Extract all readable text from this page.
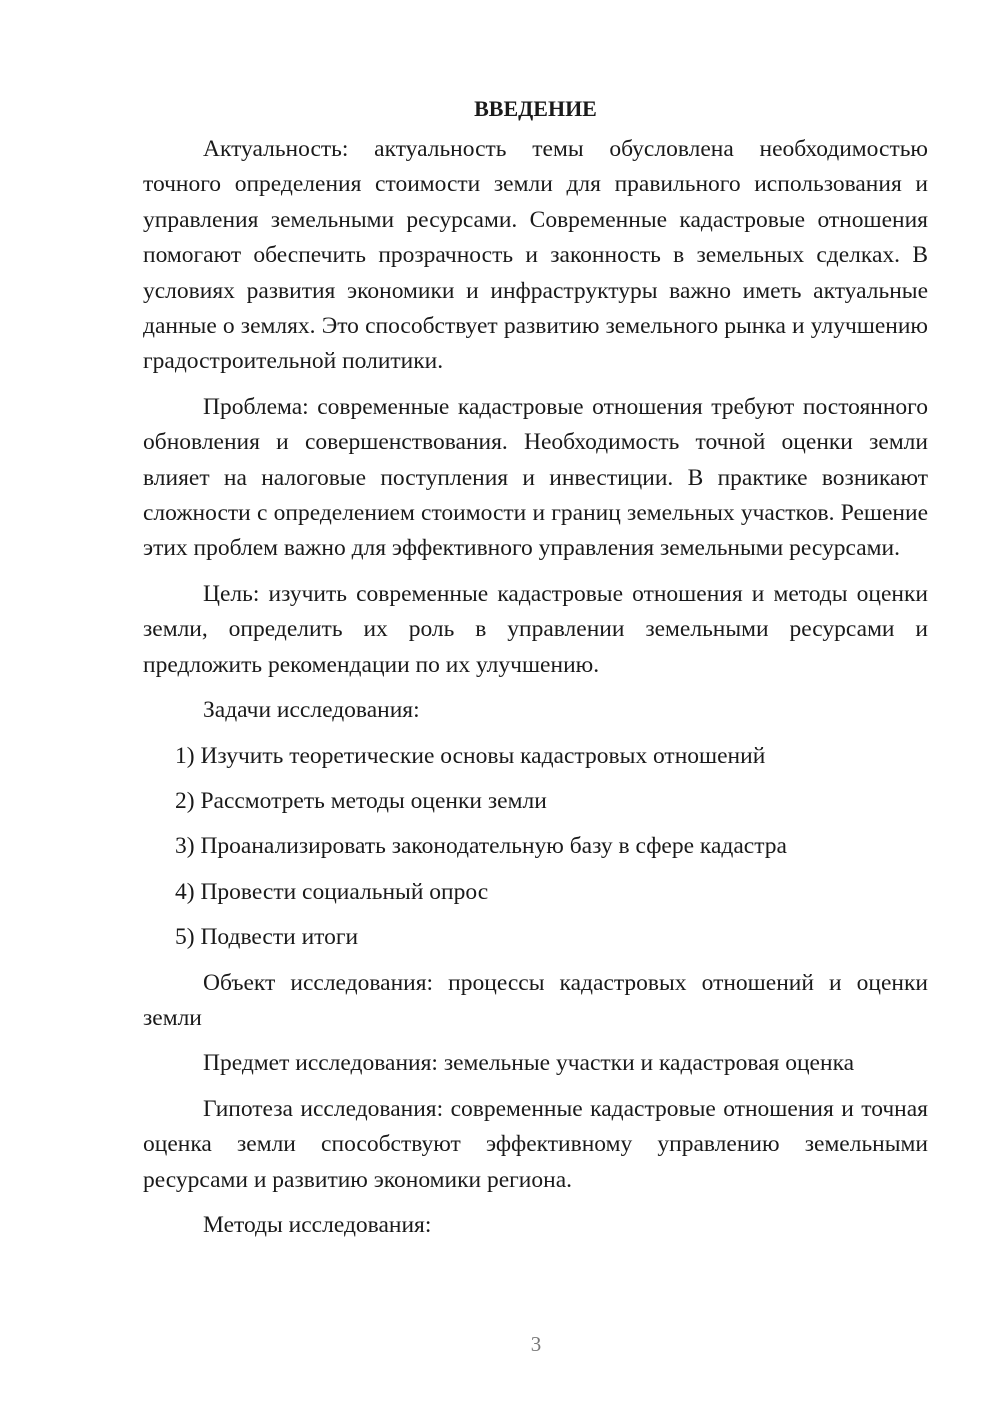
ВВЕДЕНИЕ

Актуальность: актуальность темы обусловлена необходимостью точного определения стоимости земли для правильного использования и управления земельными ресурсами. Современные кадастровые отношения помогают обеспечить прозрачность и законность в земельных сделках. В условиях развития экономики и инфраструктуры важно иметь актуальные данные о землях. Это способствует развитию земельного рынка и улучшению градостроительной политики.

Проблема: современные кадастровые отношения требуют постоянного обновления и совершенствования. Необходимость точной оценки земли влияет на налоговые поступления и инвестиции. В практике возникают сложности с определением стоимости и границ земельных участков. Решение этих проблем важно для эффективного управления земельными ресурсами.

Цель: изучить современные кадастровые отношения и методы оценки земли, определить их роль в управлении земельными ресурсами и предложить рекомендации по их улучшению.

Задачи исследования:

1) Изучить теоретические основы кадастровых отношений
2) Рассмотреть методы оценки земли
3) Проанализировать законодательную базу в сфере кадастра
4) Провести социальный опрос
5) Подвести итоги

Объект исследования: процессы кадастровых отношений и оценки земли

Предмет исследования: земельные участки и кадастровая оценка

Гипотеза исследования: современные кадастровые отношения и точная оценка земли способствуют эффективному управлению земельными ресурсами и развитию экономики региона.

Методы исследования:

3
